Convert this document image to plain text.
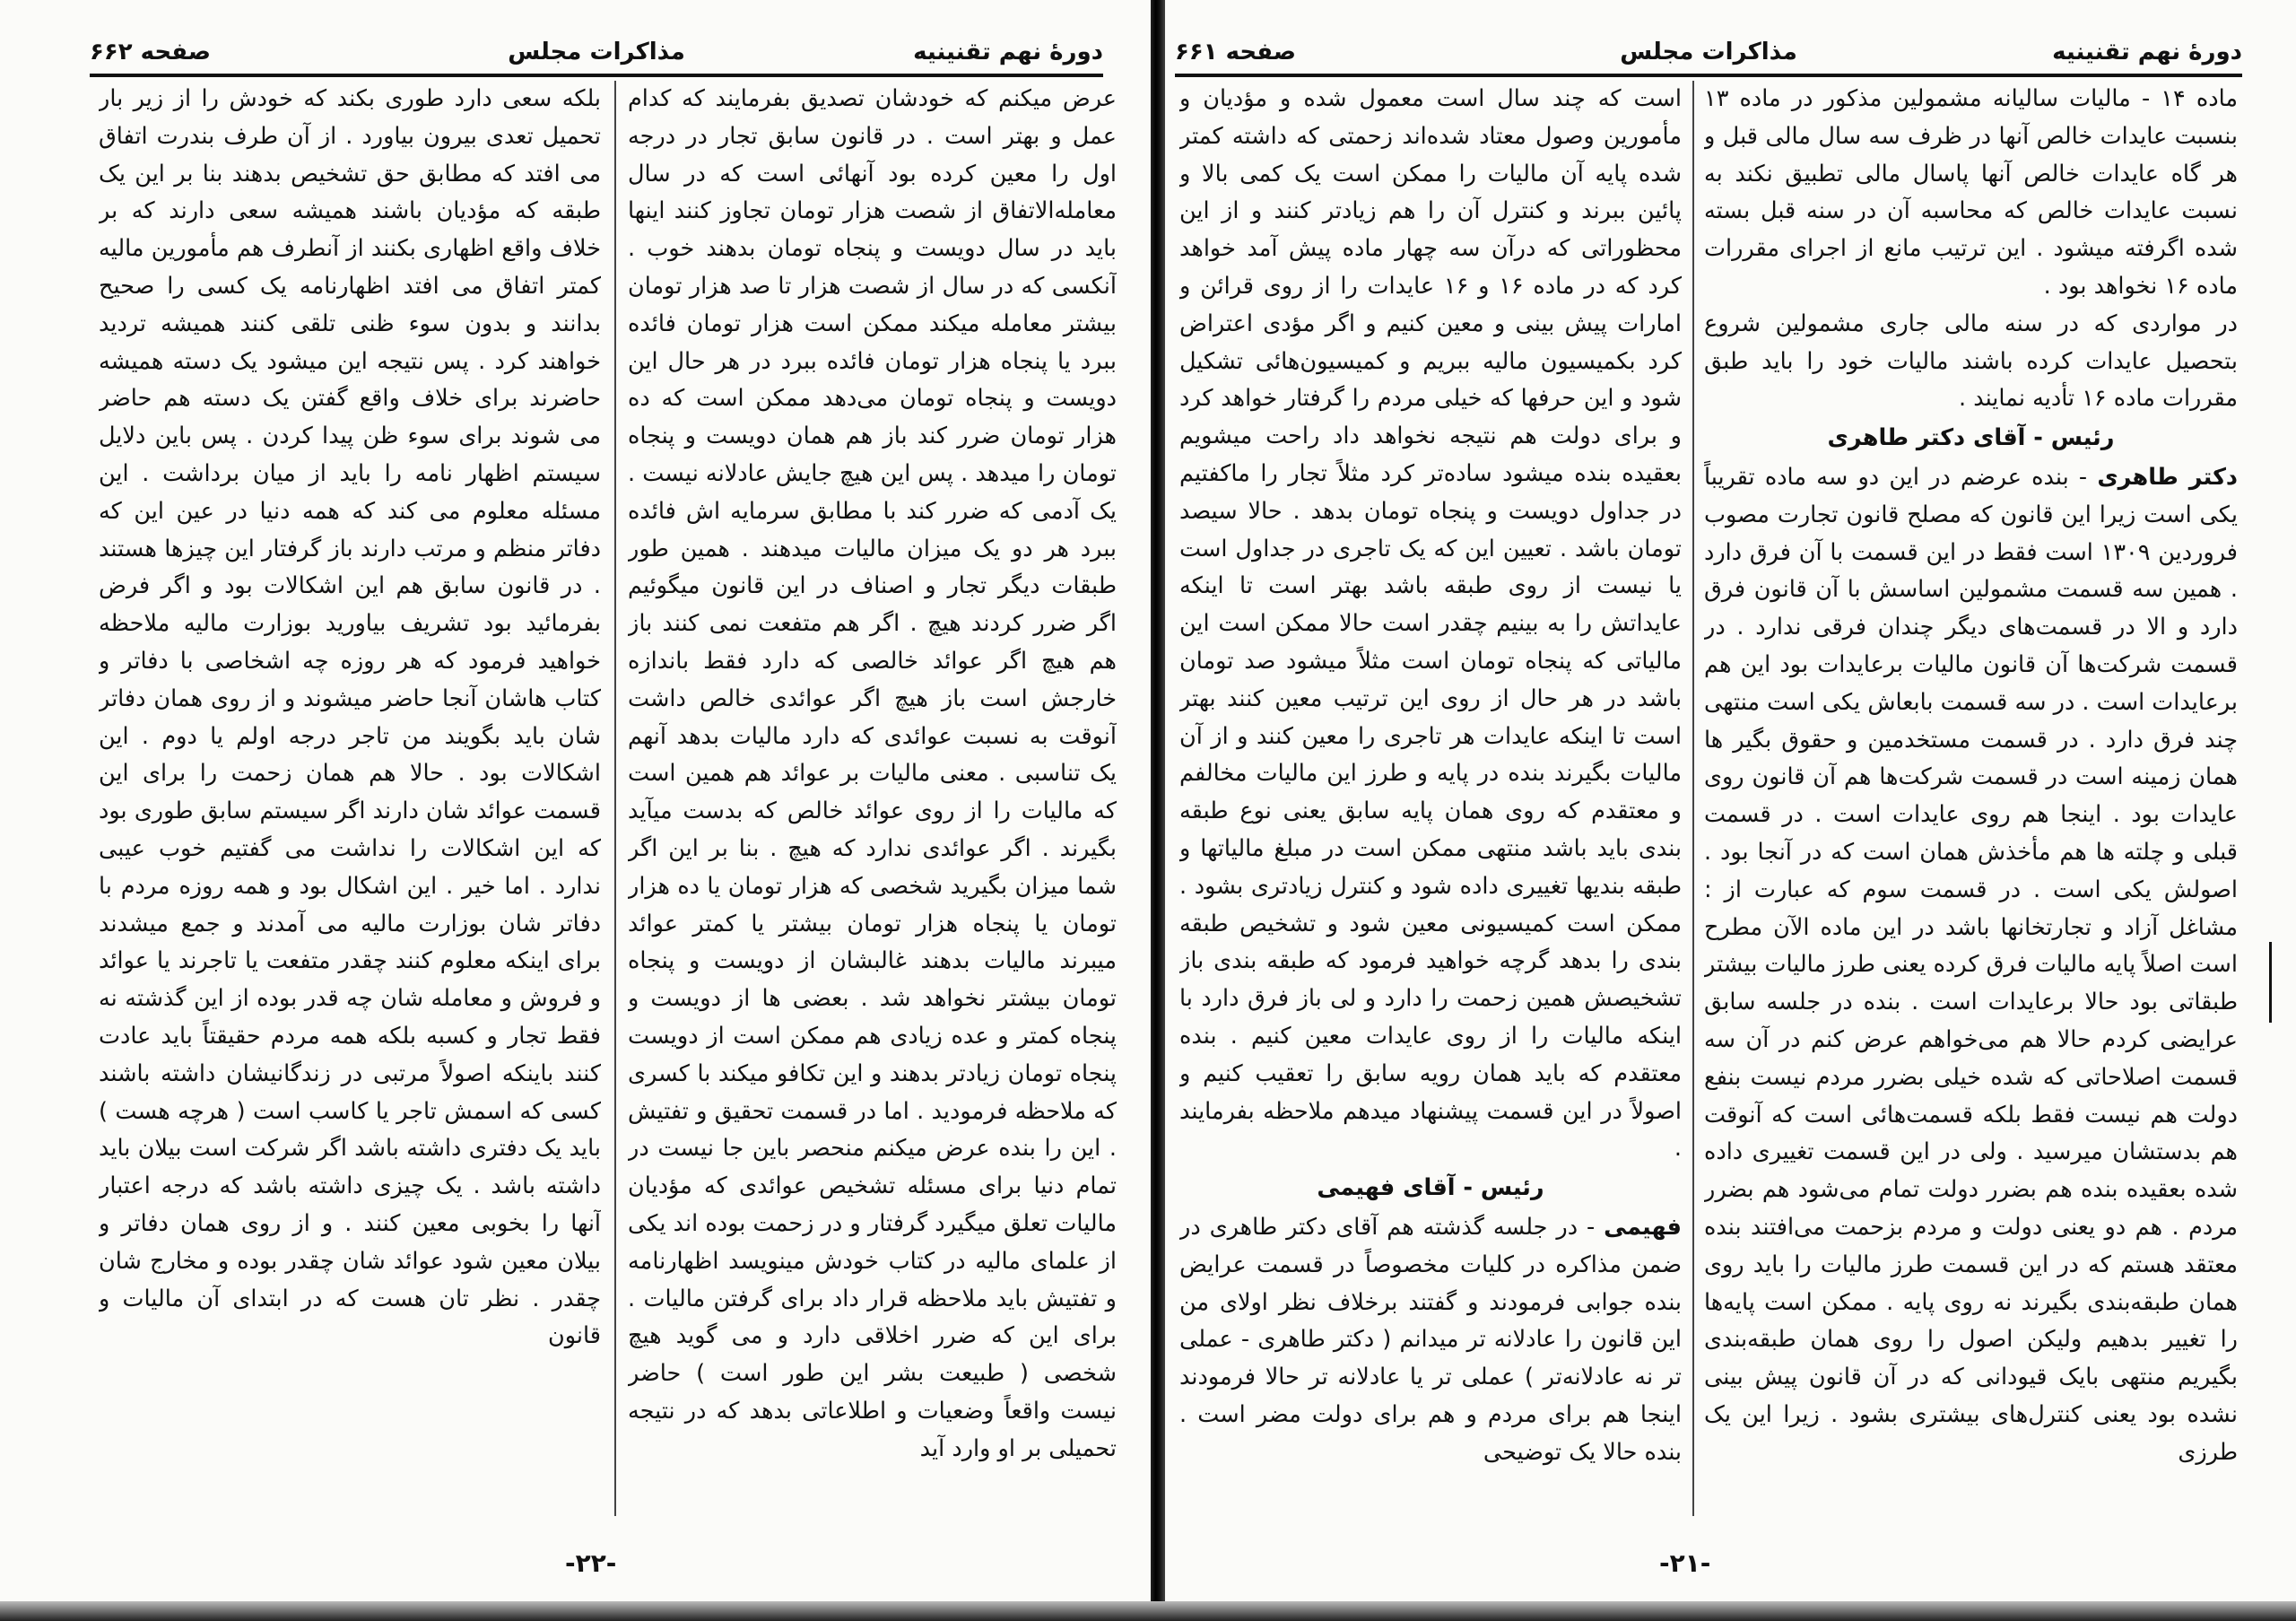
دورهٔ نهم تقنینیه
مذاکرات مجلس
صفحه ۶۶۲

عرض میکنم که خودشان تصدیق بفرمایند که کدام عمل و بهتر است . در قانون سابق تجار در درجه اول را معین کرده بود آنهائی است که در سال معامله‌الاتفاق از شصت هزار تومان تجاوز کنند اینها باید در سال دویست و پنجاه تومان بدهند خوب . آنکسی که در سال از شصت هزار تا صد هزار تومان بیشتر معامله میکند ممکن است هزار تومان فائده ببرد یا پنجاه هزار تومان فائده ببرد در هر حال این دویست و پنجاه تومان می‌دهد ممکن است که ده هزار تومان ضرر کند باز هم همان دویست و پنجاه تومان را میدهد . پس این هیچ جایش عادلانه نیست . یک آدمی که ضرر کند با مطابق سرمایه اش فائده ببرد هر دو یک میزان مالیات میدهند . همین طور طبقات دیگر تجار و اصناف در این قانون میگوئیم اگر ضرر کردند هیچ . اگر هم متفعت نمی کنند باز هم هیچ اگر عوائد خالصی که دارد فقط باندازه خارجش است باز هیچ اگر عوائدی خالص داشت آنوقت به نسبت عوائدی که دارد مالیات بدهد آنهم یک تناسبی . معنی مالیات بر عوائد هم همین است که مالیات را از روی عوائد خالص که بدست میآید بگیرند . اگر عوائدی ندارد که هیچ . بنا بر این اگر شما میزان بگیرید شخصی که هزار تومان یا ده هزار تومان یا پنجاه هزار تومان بیشتر یا کمتر عوائد میبرند مالیات بدهند غالبشان از دویست و پنجاه تومان بیشتر نخواهد شد . بعضی ها از دویست و پنجاه کمتر و عده زیادی هم ممکن است از دویست پنجاه تومان زیادتر بدهند و این تکافو میکند با کسری که ملاحظه فرمودید . اما در قسمت تحقیق و تفتیش . این را بنده عرض میکنم منحصر باین جا نیست در تمام دنیا برای مسئله تشخیص عوائدی که مؤدیان مالیات تعلق میگیرد گرفتار و در زحمت بوده اند یکی از علمای مالیه در کتاب خودش مینویسد اظهارنامه و تفتیش باید ملاحظه قرار داد برای گرفتن مالیات . برای این که ضرر اخلاقی دارد و می گوید هیچ شخصی ( طبیعت بشر این طور است ) حاضر نیست واقعاً وضعیات و اطلاعاتی بدهد که در نتیجه تحمیلی بر او وارد آید

بلکه سعی دارد طوری بکند که خودش را از زیر بار تحمیل تعدی بیرون بیاورد . از آن طرف بندرت اتفاق می افتد که مطابق حق تشخیص بدهند بنا بر این یک طبقه که مؤدیان باشند همیشه سعی دارند که بر خلاف واقع اظهاری بکنند از آنطرف هم مأمورین مالیه کمتر اتفاق می افتد اظهارنامه یک کسی را صحیح بدانند و بدون سوء ظنی تلقی کنند همیشه تردید خواهند کرد . پس نتیجه این میشود یک دسته همیشه حاضرند برای خلاف واقع گفتن یک دسته هم حاضر می شوند برای سوء ظن پیدا کردن . پس باین دلایل سیستم اظهار نامه را باید از میان برداشت . این مسئله معلوم می کند که همه دنیا در عین این که دفاتر منظم و مرتب دارند باز گرفتار این چیزها هستند . در قانون سابق هم این اشکالات بود و اگر فرض بفرمائید بود تشریف بیاورید بوزارت مالیه ملاحظه خواهید فرمود که هر روزه چه اشخاصی با دفاتر و کتاب هاشان آنجا حاضر میشوند و از روی همان دفاتر شان باید بگویند من تاجر درجه اولم یا دوم . این اشکالات بود . حالا هم همان زحمت را برای این قسمت عوائد شان دارند اگر سیستم سابق طوری بود که این اشکالات را نداشت می گفتیم خوب عیبی ندارد . اما خیر . این اشکال بود و همه روزه مردم با دفاتر شان بوزارت مالیه می آمدند و جمع میشدند برای اینکه معلوم کنند چقدر متفعت یا تاجرند یا عوائد و فروش و معامله شان چه قدر بوده از این گذشته نه فقط تجار و کسبه بلکه همه مردم حقیقتاً باید عادت کنند باینکه اصولاً مرتبی در زندگانیشان داشته باشند کسی که اسمش تاجر یا کاسب است ( هرچه هست ) باید یک دفتری داشته باشد اگر شرکت است بیلان باید داشته باشد . یک چیزی داشته باشد که درجه اعتبار آنها را بخوبی معین کنند . و از روی همان دفاتر و بیلان معین شود عوائد شان چقدر بوده و مخارج شان چقدر . نظر تان هست که در ابتدای آن مالیات و قانون

-۲۲-
دورهٔ نهم تقنینیه
مذاکرات مجلس
صفحه ۶۶۱

ماده ۱۴ - مالیات سالیانه مشمولین مذکور در ماده ۱۳ بنسبت عایدات خالص آنها در ظرف سه سال مالی قبل و هر گاه عایدات خالص آنها پاسال مالی تطبیق نکند به نسبت عایدات خالص که محاسبه آن در سنه قبل بسته شده اگرفته میشود . این ترتیب مانع از اجرای مقررات ماده ۱۶ نخواهد بود .

در مواردی که در سنه مالی جاری مشمولین شروع بتحصیل عایدات کرده باشند مالیات خود را باید طبق مقررات ماده ۱۶ تأدیه نمایند .

رئیس - آقای دکتر طاهری

دکتر طاهری - بنده عرضم در این دو سه ماده تقریباً یکی است زیرا این قانون که مصلح قانون تجارت مصوب فروردین ۱۳۰۹ است فقط در این قسمت با آن فرق دارد . همین سه قسمت مشمولین اساسش با آن قانون فرق دارد و الا در قسمت‌های دیگر چندان فرقی ندارد . در قسمت شرکت‌ها آن قانون مالیات برعایدات بود این هم برعایدات است . در سه قسمت بابعاش یکی است منتهی چند فرق دارد . در قسمت مستخدمین و حقوق بگیر ها همان زمینه است در قسمت شرکت‌ها هم آن قانون روی عایدات بود . اینجا هم روی عایدات است . در قسمت قبلی و چلته ها هم مأخذش همان است که در آنجا بود . اصولش یکی است . در قسمت سوم که عبارت از : مشاغل آزاد و تجارتخانها باشد در این ماده الآن مطرح است اصلاً پایه مالیات فرق کرده یعنی طرز مالیات بیشتر طبقاتی بود حالا برعایدات است . بنده در جلسه سابق عرایضی کردم حالا هم می‌خواهم عرض کنم در آن سه قسمت اصلاحاتی که شده خیلی بضرر مردم نیست بنفع دولت هم نیست فقط بلکه قسمت‌هائی است که آنوقت هم بدستشان میرسید . ولی در این قسمت تغییری داده شده بعقیده بنده هم بضرر دولت تمام می‌شود هم بضرر مردم . هم دو یعنی دولت و مردم بزحمت می‌افتند بنده معتقد هستم که در این قسمت طرز مالیات را باید روی همان طبقه‌بندی بگیرند نه روی پایه . ممکن است پایه‌ها را تغییر بدهیم ولیکن اصول را روی همان طبقه‌بندی بگیریم منتهی بایک قیودانی که در آن قانون پیش بینی نشده بود یعنی کنترل‌های بیشتری بشود . زیرا این یک طرزی

است که چند سال است معمول شده و مؤدیان و مأمورین وصول معتاد شده‌اند زحمتی که داشته کمتر شده پایه آن مالیات را ممکن است یک کمی بالا و پائین ببرند و کنترل آن را هم زیادتر کنند و از این محظوراتی که درآن سه چهار ماده پیش آمد خواهد کرد که در ماده ۱۶ و ۱۶ عایدات را از روی قرائن و امارات پیش بینی و معین کنیم و اگر مؤدی اعتراض کرد بکمیسیون مالیه ببریم و کمیسیون‌هائی تشکیل شود و این حرفها که خیلی مردم را گرفتار خواهد کرد و برای دولت هم نتیجه نخواهد داد راحت میشویم بعقیده بنده میشود ساده‌تر کرد مثلاً تجار را ماکفتیم در جداول دویست و پنجاه تومان بدهد . حالا سیصد تومان باشد . تعیین این که یک تاجری در جداول است یا نیست از روی طبقه باشد بهتر است تا اینکه عایداتش را به بینیم چقدر است حالا ممکن است این مالیاتی که پنجاه تومان است مثلاً میشود صد تومان باشد در هر حال از روی این ترتیب معین کنند بهتر است تا اینکه عایدات هر تاجری را معین کنند و از آن مالیات بگیرند بنده در پایه و طرز این مالیات مخالفم و معتقدم که روی همان پایه سابق یعنی نوع طبقه بندی باید باشد منتهی ممکن است در مبلغ مالیاتها و طبقه بندیها تغییری داده شود و کنترل زیادتری بشود . ممکن است کمیسیونی معین شود و تشخیص طبقه بندی را بدهد گرچه خواهید فرمود که طبقه بندی باز تشخیصش همین زحمت را دارد و لی باز فرق دارد با اینکه مالیات را از روی عایدات معین کنیم . بنده معتقدم که باید همان رویه سابق را تعقیب کنیم و اصولاً در این قسمت پیشنهاد میدهم ملاحظه بفرمایند .

رئیس - آقای فهیمی

فهیمی - در جلسه گذشته هم آقای دکتر طاهری در ضمن مذاکره در کلیات مخصوصاً در قسمت عرایض بنده جوابی فرمودند و گفتند برخلاف نظر اولای من این قانون را عادلانه تر میدانم ( دکتر طاهری - عملی تر نه عادلانه‌تر ) عملی تر یا عادلانه تر حالا فرمودند اینجا هم برای مردم و هم برای دولت مضر است . بنده حالا یک توضیحی

-۲۱-
